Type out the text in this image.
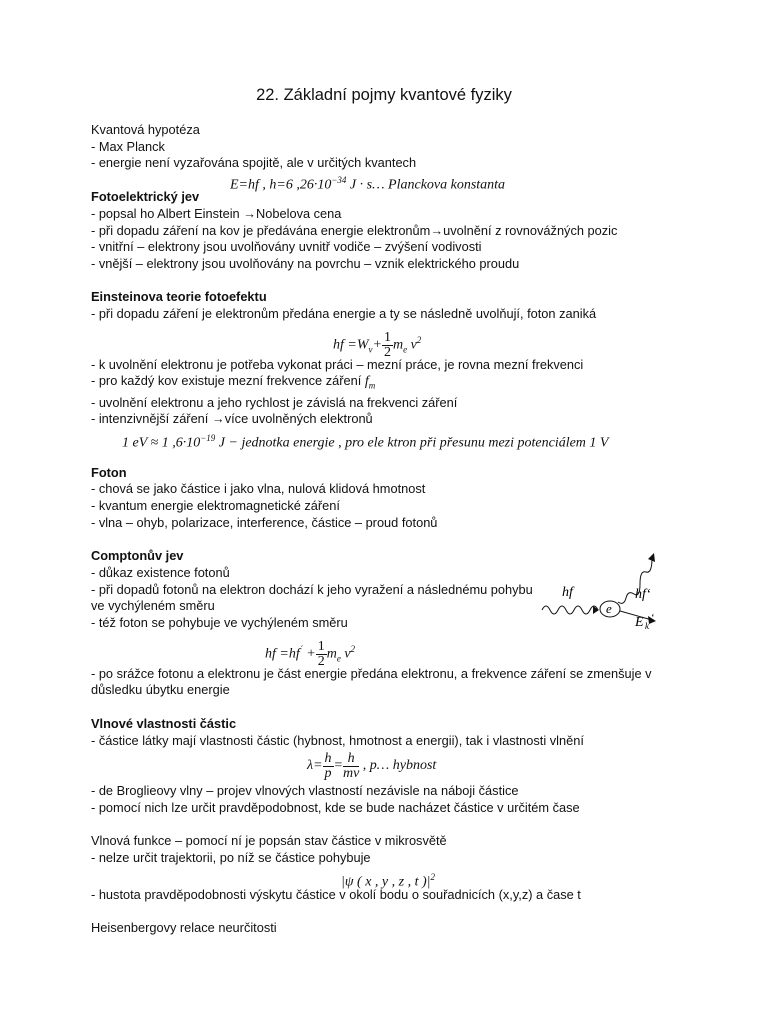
22. Základní pojmy kvantové fyziky
Kvantová hypotéza
- Max Planck
- energie není vyzařována spojitě, ale v určitých kvantech
E=hf , h=6 $,26\cdot 10^{-34}$ J · s… Planckova konstanta
Fotoelektrický jev
- popsal ho Albert Einstein →Nobelova cena
- při dopadu záření na kov je předávána energie elektronům→uvolnění z rovnovážných pozic
- vnitřní – elektrony jsou uvolňovány uvnitř vodiče – zvýšení vodivosti
- vnější – elektrony jsou uvolňovány na povrchu – vznik elektrického proudu
Einsteinova teorie fotoefektu
- při dopadu záření je elektronům předána energie a ty se následně uvolňují, foton zaniká
hf $=W_v+ \frac{1}{2} m_e$ $v^2$
- k uvolnění elektronu je potřeba vykonat práci – mezní práce, je rovna mezní frekvenci
- pro každý kov existuje mezní frekvence záření $f_m$
- uvolnění elektronu a jeho rychlost je závislá na frekvenci záření
- intenzivnější záření →více uvolněných elektronů
1 eV ≈ 1 $,6\cdot 10^{-19}$ J − jednotka energie , pro ele ktron při přesunu mezi potenciálem 1 V
Foton
- chová se jako částice i jako vlna, nulová klidová hmotnost
- kvantum energie elektromagnetické záření
- vlna – ohyb, polarizace, interference, částice – proud fotonů
Comptonův jev
- důkaz existence fotonů
- při dopadů fotonů na elektron dochází k jeho vyražení a následnému pohybu ve vychýleném směru
- též foton se pohybuje ve vychýleném směru
hf $=hf^´ + \frac{1}{2} m_e$ $v^2$
- po srážce fotonu a elektronu je část energie předána elektronu, a frekvence záření se zmenšuje v důsledku úbytku energie
Vlnové vlastnosti částic
- částice látky mají vlastnosti částic (hybnost, hmotnost a energii), tak i vlastnosti vlnění
$\lambda= \frac{h}{p} = \frac{h}{mv}$ , p… hybnost
- de Broglieovy vlny – projev vlnových vlastností nezávisle na náboji částice
- pomocí nich lze určit pravděpodobnost, kde se bude nacházet částice v určitém čase
Vlnová funkce – pomocí ní je popsán stav částice v mikrosvětě
- nelze určit trajektorii, po níž se částice pohybuje
|ψ ( x , y , z , t )$|^2$
- hustota pravděpodobnosti výskytu částice v okolí bodu o souřadnicích (x,y,z) a čase t
Heisenbergovy relace neurčitosti
hf
e
hf‘
E k
‘
